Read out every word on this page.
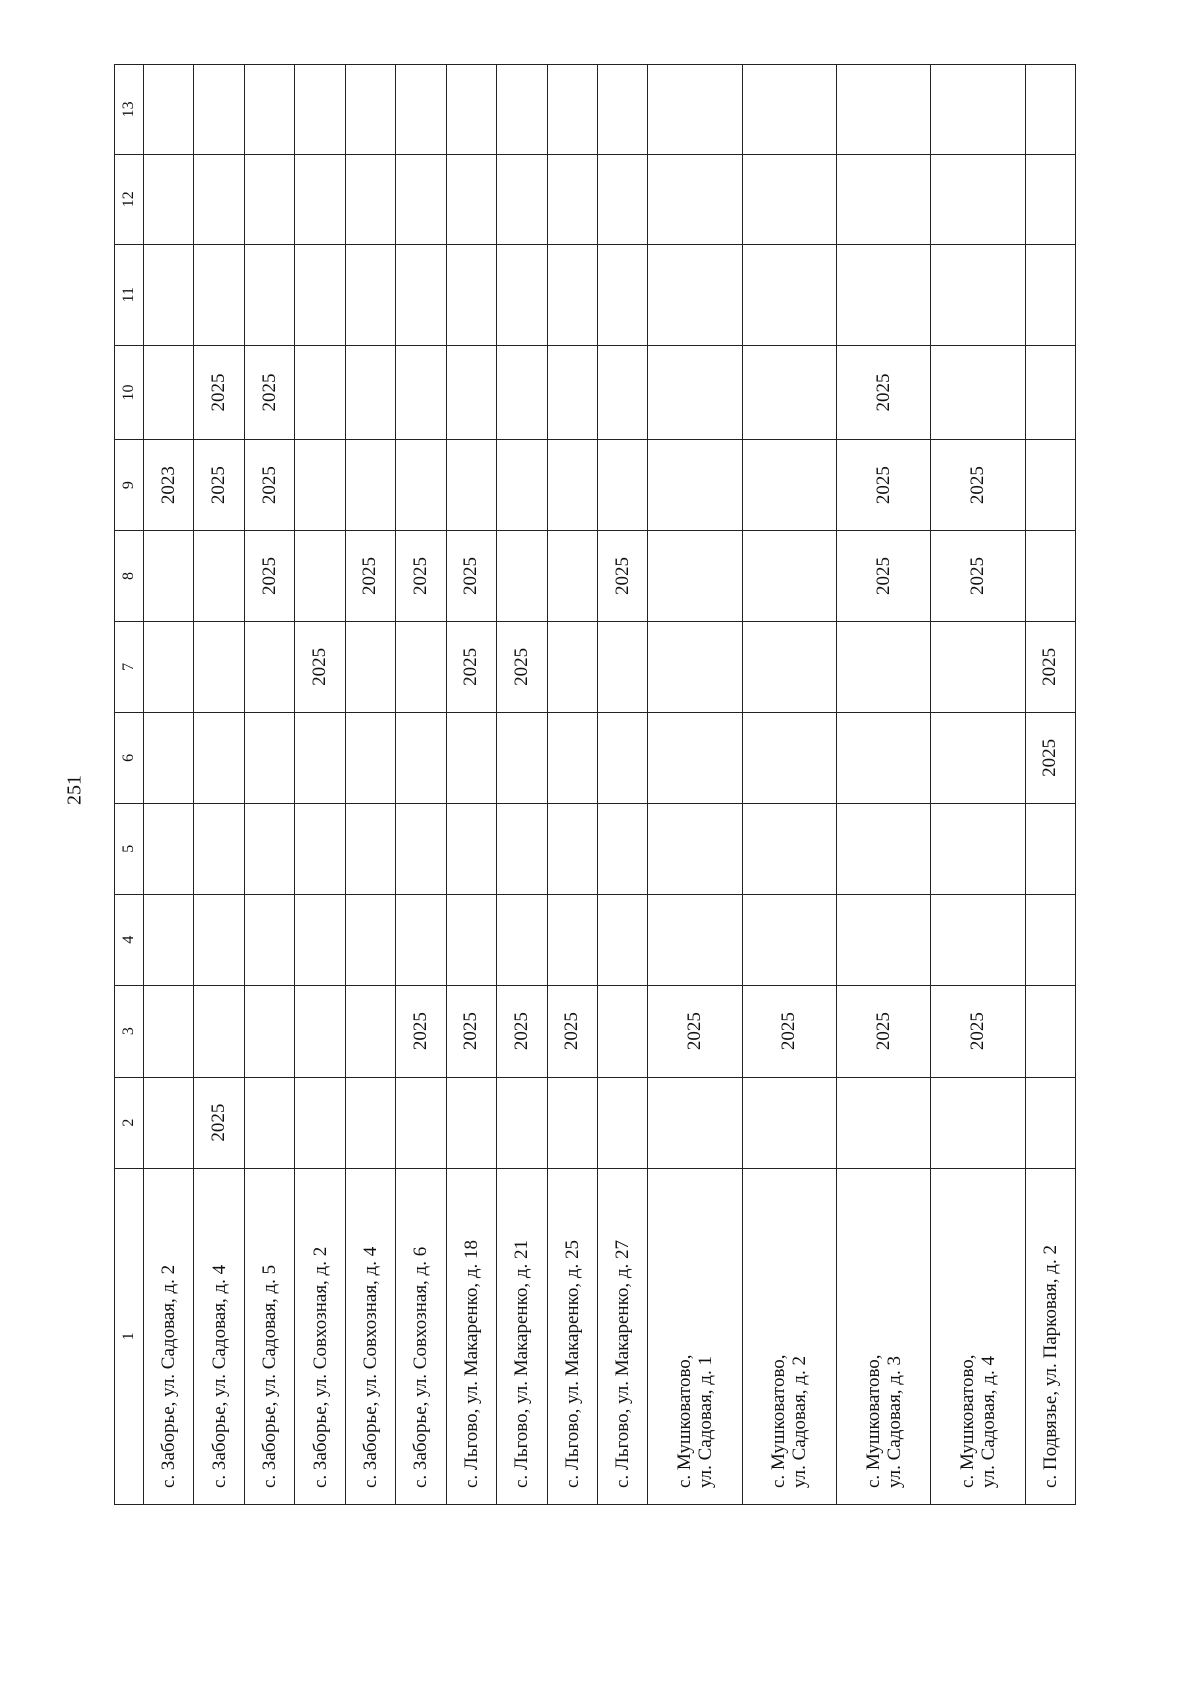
251
1	2	3	4	5	6	7	8	9	10	11	12	13

с. Заборье, ул. Садовая, д. 2								2023				

с. Заборье, ул. Садовая, д. 4	2025							2025	2025			

с. Заборье, ул. Садовая, д. 5							2025	2025	2025			

с. Заборье, ул. Совхозная, д. 2						2025						

с. Заборье, ул. Совхозная, д. 4							2025					

с. Заборье, ул. Совхозная, д. 6		2025					2025					

с. Льгово, ул. Макаренко, д. 18		2025				2025	2025					

с. Льгово, ул. Макаренко, д. 21		2025				2025						

с. Льгово, ул. Макаренко, д. 25		2025										

с. Льгово, ул. Макаренко, д. 27							2025					

с. Мушковатово, ул. Садовая, д. 1		2025										

с. Мушковатово, ул. Садовая, д. 2		2025										

с. Мушковатово, ул. Садовая, д. 3		2025					2025	2025	2025			

с. Мушковатово, ул. Садовая, д. 4		2025					2025	2025				

с. Подвязье, ул. Парковая, д. 2					2025	2025						
